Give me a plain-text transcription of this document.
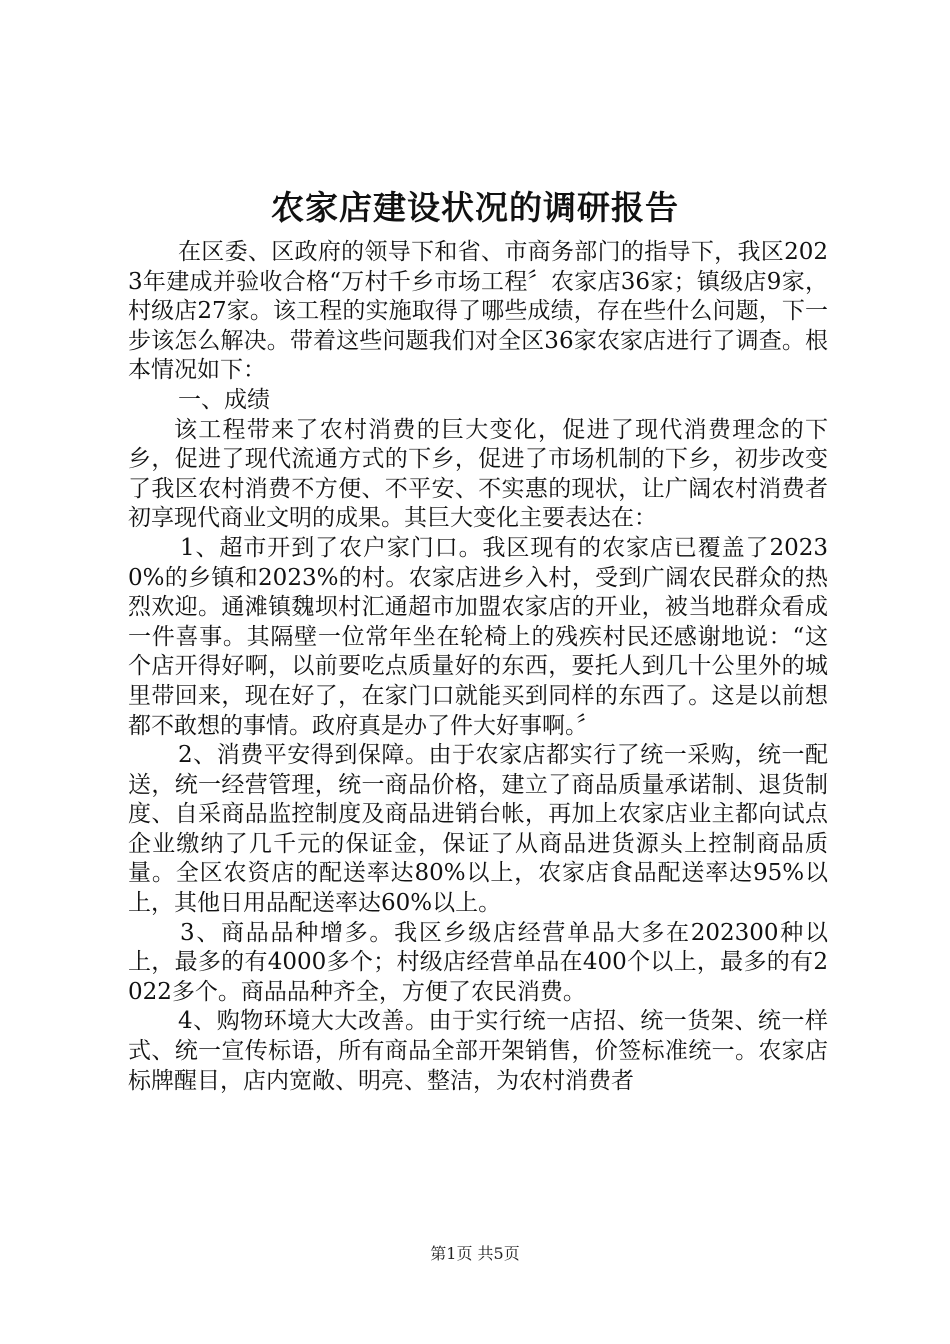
农家店建设状况的调研报告

在区委、区政府的领导下和省、市商务部门的指导下，我区2023年建成并验收合格“万村千乡市场工程〞农家店36家；镇级店9家，村级店27家。该工程的实施取得了哪些成绩，存在些什么问题，下一步该怎么解决。带着这些问题我们对全区36家农家店进行了调查。根本情况如下：

一、成绩

该工程带来了农村消费的巨大变化，促进了现代消费理念的下乡，促进了现代流通方式的下乡，促进了市场机制的下乡，初步改变了我区农村消费不方便、不平安、不实惠的现状，让广阔农村消费者初享现代商业文明的成果。其巨大变化主要表达在：

1、超市开到了农户家门口。我区现有的农家店已覆盖了20230%的乡镇和2023%的村。农家店进乡入村，受到广阔农民群众的热烈欢迎。通滩镇魏坝村汇通超市加盟农家店的开业，被当地群众看成一件喜事。其隔壁一位常年坐在轮椅上的残疾村民还感谢地说：“这个店开得好啊，以前要吃点质量好的东西，要托人到几十公里外的城里带回来，现在好了，在家门口就能买到同样的东西了。这是以前想都不敢想的事情。政府真是办了件大好事啊。〞

2、消费平安得到保障。由于农家店都实行了统一采购，统一配送，统一经营管理，统一商品价格，建立了商品质量承诺制、退货制度、自采商品监控制度及商品进销台帐，再加上农家店业主都向试点企业缴纳了几千元的保证金，保证了从商品进货源头上控制商品质量。全区农资店的配送率达80%以上，农家店食品配送率达95%以上，其他日用品配送率达60%以上。

3、商品品种增多。我区乡级店经营单品大多在202300种以上，最多的有4000多个；村级店经营单品在400个以上，最多的有2022多个。商品品种齐全，方便了农民消费。

4、购物环境大大改善。由于实行统一店招、统一货架、统一样式、统一宣传标语，所有商品全部开架销售，价签标准统一。农家店标牌醒目，店内宽敞、明亮、整洁，为农村消费者

第1页 共5页
